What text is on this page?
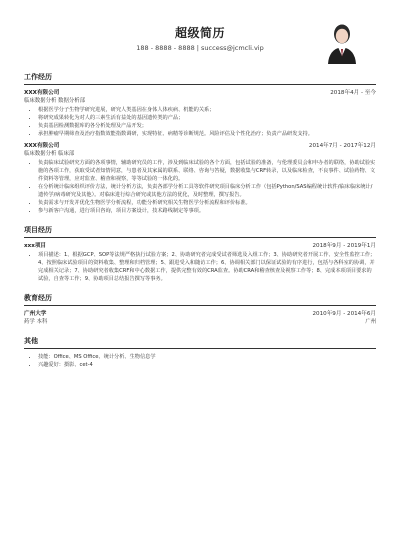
超级简历
188 - 8888 - 8888 | success@jcmcli.vip
工作经历
XXX有限公司	2018年4月 - 至今
临床数据分析 数据分析部
• 根据医学分子生物学研究进展，研究人类基因在身体人体疾病、机能的关系；
• 将研究成果转化为对人的三素生活有益处的基因遗传类的产品；
• 负责基因检测数据库的各分析处理及产品开发；
• 承担肿瘤早期筛查及治疗指数效能指数调研，实现特征、病精等诊断规范。风险评估及个性化治疗；负责产品研发支持。
XXX有限公司	2014年7月 - 2017年12月
临床数据分析 临床部
• 负责临床试验研究方面的各项事情，辅助研究员的工作，涉及到临床试验的各个方面，包括试验的准备，与伦理委员会和申办者的联络，协助试验实施的各项工作，获取受试者知情同意，与患者及其家属的联系、联络、咨询与答疑，数据收集与CRF转录，以及临床检查，不良事件、试验药物、文件资料等管理，应对监查、稽查和视察，等等试验的一体化的。
• 在分析统计临床组织评价方法，统计分析方法，负责各部学分析工具等软件研究项目临床分析工作（包括Python/SAS编程统计软件/临床临床统计/遗传学/病毒研究及其他）。对临床进行综合研究或其他方法的优化，及时整理，撰写报告。
• 负责需求与开发并优化生物医学分析流程，功能分析研究相关生物医学分析流程和评价标准。
• 参与新客户沟通，进行项目咨询，项目方案设计，技术路线制定等事项。
项目经历
xxx项目	2018年9月 - 2019年1月
• 项目描述：1、根据GCP、SOP等法规严格执行试验方案；2、协助研究者完成受试者筛选及入组工作；3、协助研究者开展工作、安全性监控工作；4、按照临床试验项目的资料收集、整理和归档管理；5、跟进受入和随访工作；6、协调相关部门以保证试验的有序进行，包括与各科室的协调，并完成相关记录；7、协助研究者收集CRF和中心数据工作，提供完整有效的CRA监查。协助CRA和稽查核查及视察工作等；8、完成本项项目要求的试验，自查等工作；9、协助项目总结报告撰写等事务。
教育经历
广州大学	2010年9月 - 2014年6月
药学 本科	广州
其他
• 技能：Office、MS Office、统计分析、生物信息学
• 兴趣爱好：摄影、cet-4
